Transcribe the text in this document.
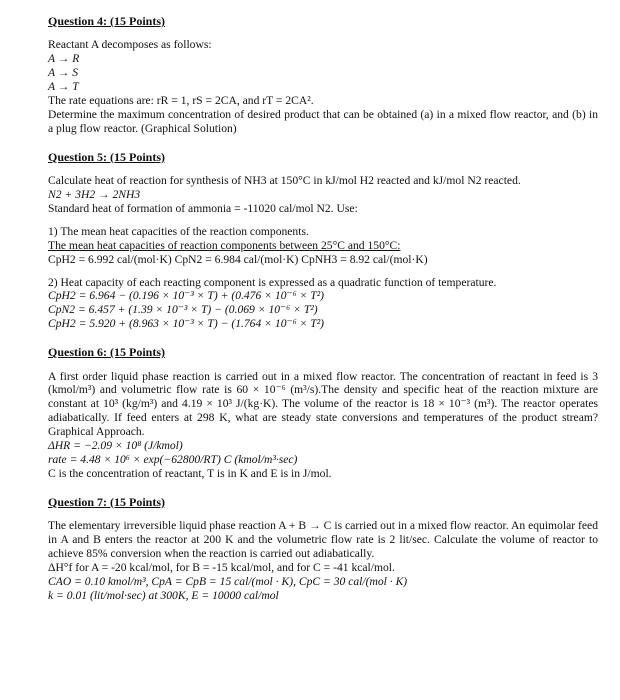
Question 4: (15 Points)
Reactant A decomposes as follows:
A → R
A → S
A → T
The rate equations are: rR = 1, rS = 2CA, and rT = 2CA².
Determine the maximum concentration of desired product that can be obtained (a) in a mixed flow reactor, and (b) in a plug flow reactor. (Graphical Solution)
Question 5: (15 Points)
Calculate heat of reaction for synthesis of NH3 at 150°C in kJ/mol H2 reacted and kJ/mol N2 reacted.
N2 + 3H2 → 2NH3
Standard heat of formation of ammonia = -11020 cal/mol N2. Use:
1) The mean heat capacities of the reaction components.
The mean heat capacities of reaction components between 25°C and 150°C:
CpH2 = 6.992 cal/(mol·K) CpN2 = 6.984 cal/(mol·K) CpNH3 = 8.92 cal/(mol·K)
2) Heat capacity of each reacting component is expressed as a quadratic function of temperature.
CpH2 = 6.964 − (0.196 × 10⁻³ × T) + (0.476 × 10⁻⁶ × T²)
CpN2 = 6.457 + (1.39 × 10⁻³ × T) − (0.069 × 10⁻⁶ × T²)
CpH2 = 5.920 + (8.963 × 10⁻³ × T) − (1.764 × 10⁻⁶ × T²)
Question 6: (15 Points)
A first order liquid phase reaction is carried out in a mixed flow reactor. The concentration of reactant in feed is 3 (kmol/m³) and volumetric flow rate is 60 × 10⁻⁶ (m³/s).The density and specific heat of the reaction mixture are constant at 10³ (kg/m³) and 4.19 × 10³ J/(kg·K). The volume of the reactor is 18 × 10⁻³ (m³). The reactor operates adiabatically. If feed enters at 298 K, what are steady state conversions and temperatures of the product stream? Graphical Approach.
ΔHR = −2.09 × 10⁸ (J/kmol)
rate = 4.48 × 10⁶ × exp(−62800/RT) C (kmol/m³·sec)
C is the concentration of reactant, T is in K and E is in J/mol.
Question 7: (15 Points)
The elementary irreversible liquid phase reaction A + B → C is carried out in a mixed flow reactor. An equimolar feed in A and B enters the reactor at 200 K and the volumetric flow rate is 2 lit/sec. Calculate the volume of reactor to achieve 85% conversion when the reaction is carried out adiabatically.
ΔH°f for A = -20 kcal/mol, for B = -15 kcal/mol, and for C = -41 kcal/mol.
CAO = 0.10 kmol/m³, CpA = CpB = 15 cal/(mol · K), CpC = 30 cal/(mol · K)
k = 0.01 (lit/mol·sec) at 300K, E = 10000 cal/mol
